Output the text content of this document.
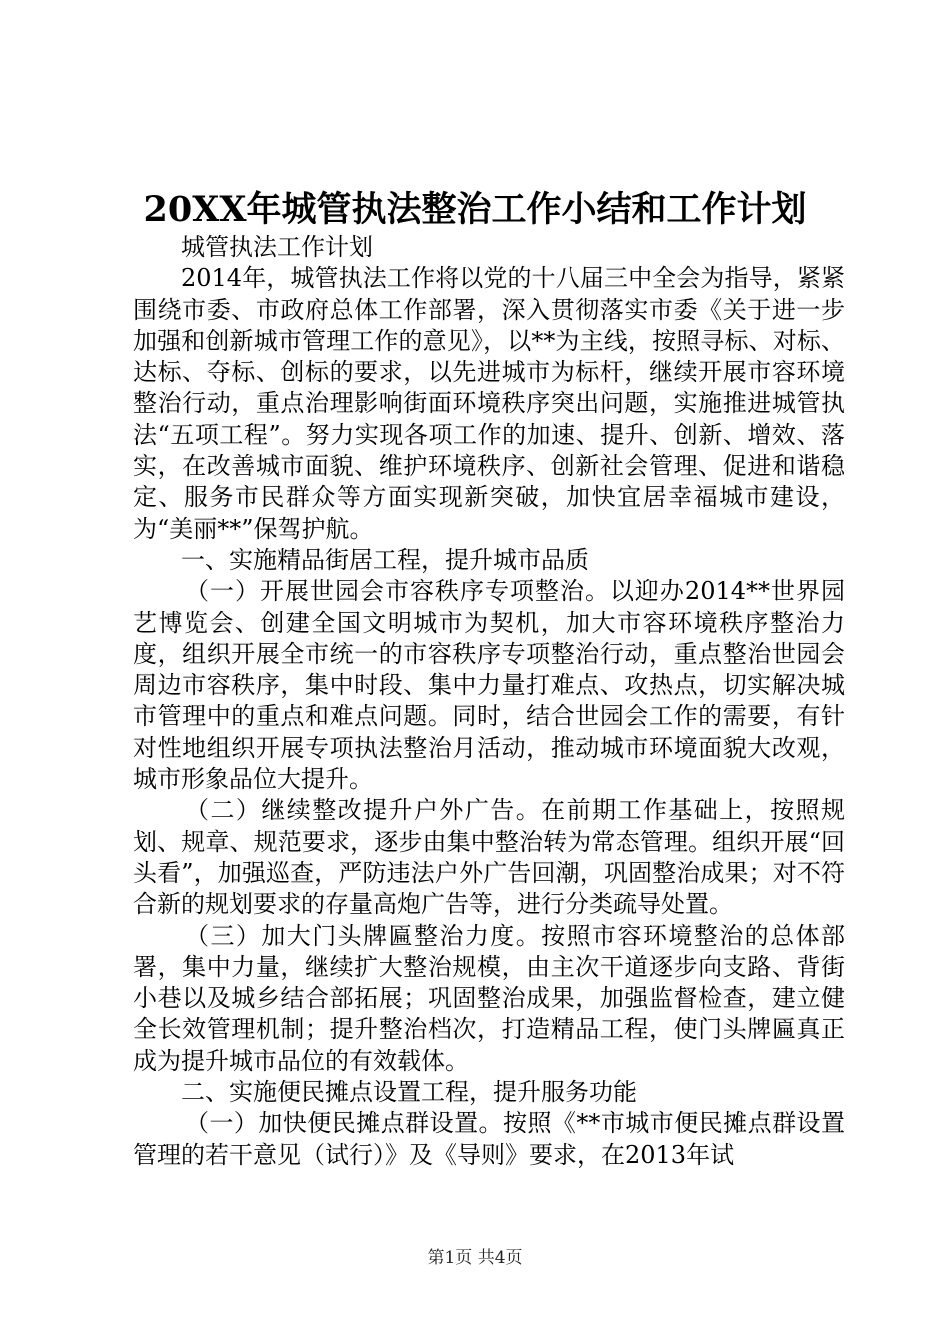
20XX年城管执法整治工作小结和工作计划

城管执法工作计划

2014年，城管执法工作将以党的十八届三中全会为指导，紧紧围绕市委、市政府总体工作部署，深入贯彻落实市委《关于进一步加强和创新城市管理工作的意见》，以**为主线，按照寻标、对标、达标、夺标、创标的要求，以先进城市为标杆，继续开展市容环境整治行动，重点治理影响街面环境秩序突出问题，实施推进城管执法“五项工程”。努力实现各项工作的加速、提升、创新、增效、落实，在改善城市面貌、维护环境秩序、创新社会管理、促进和谐稳定、服务市民群众等方面实现新突破，加快宜居幸福城市建设，为“美丽**”保驾护航。

一、实施精品街居工程，提升城市品质

（一）开展世园会市容秩序专项整治。以迎办2014**世界园艺博览会、创建全国文明城市为契机，加大市容环境秩序整治力度，组织开展全市统一的市容秩序专项整治行动，重点整治世园会周边市容秩序，集中时段、集中力量打难点、攻热点，切实解决城市管理中的重点和难点问题。同时，结合世园会工作的需要，有针对性地组织开展专项执法整治月活动，推动城市环境面貌大改观，城市形象品位大提升。

（二）继续整改提升户外广告。在前期工作基础上，按照规划、规章、规范要求，逐步由集中整治转为常态管理。组织开展“回头看”，加强巡查，严防违法户外广告回潮，巩固整治成果；对不符合新的规划要求的存量高炮广告等，进行分类疏导处置。

（三）加大门头牌匾整治力度。按照市容环境整治的总体部署，集中力量，继续扩大整治规模，由主次干道逐步向支路、背街小巷以及城乡结合部拓展；巩固整治成果，加强监督检查，建立健全长效管理机制；提升整治档次，打造精品工程，使门头牌匾真正成为提升城市品位的有效载体。

二、实施便民摊点设置工程，提升服务功能

（一）加快便民摊点群设置。按照《**市城市便民摊点群设置管理的若干意见（试行）》及《导则》要求，在2013年试

第1页 共4页
